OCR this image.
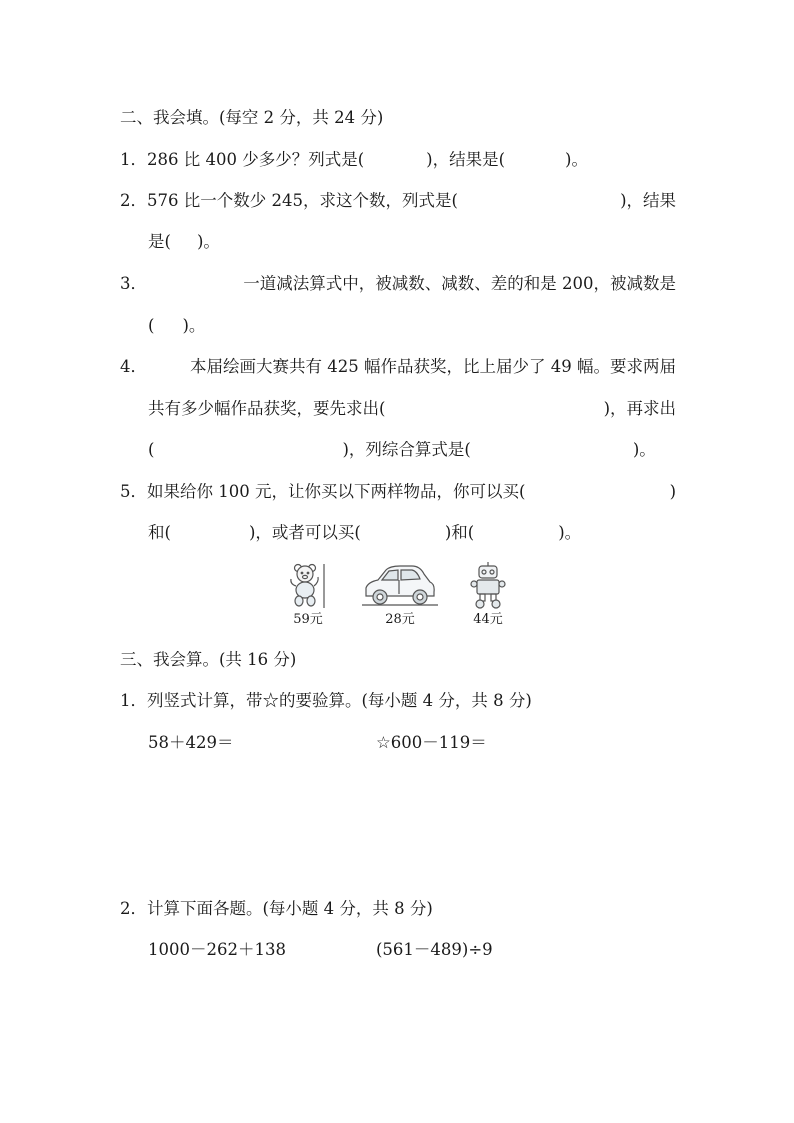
二、我会填。(每空 2 分，共 24 分)
1．286 比 400 少多少？列式是(	)，结果是(	)。
2．576 比一个数少 245，求这个数，列式是(	)，结果
是( )。
3．	一道减法算式中，被减数、减数、差的和是 200，被减数是
( )。
4．	本届绘画大赛共有 425 幅作品获奖，比上届少了 49 幅。要求两届
共有多少幅作品获奖，要先求出(	)，再求出
(	)，列综合算式是(	)。
5．如果给你 100 元，让你买以下两样物品，你可以买(	)
和(	)，或者可以买(	)和(	)。
59元	28元	44元
三、我会算。(共 16 分)
1．列竖式计算，带☆的要验算。(每小题 4 分，共 8 分)
58＋429＝	☆600－119＝
2．计算下面各题。(每小题 4 分，共 8 分)
1000－262＋138	(561－489)÷9
